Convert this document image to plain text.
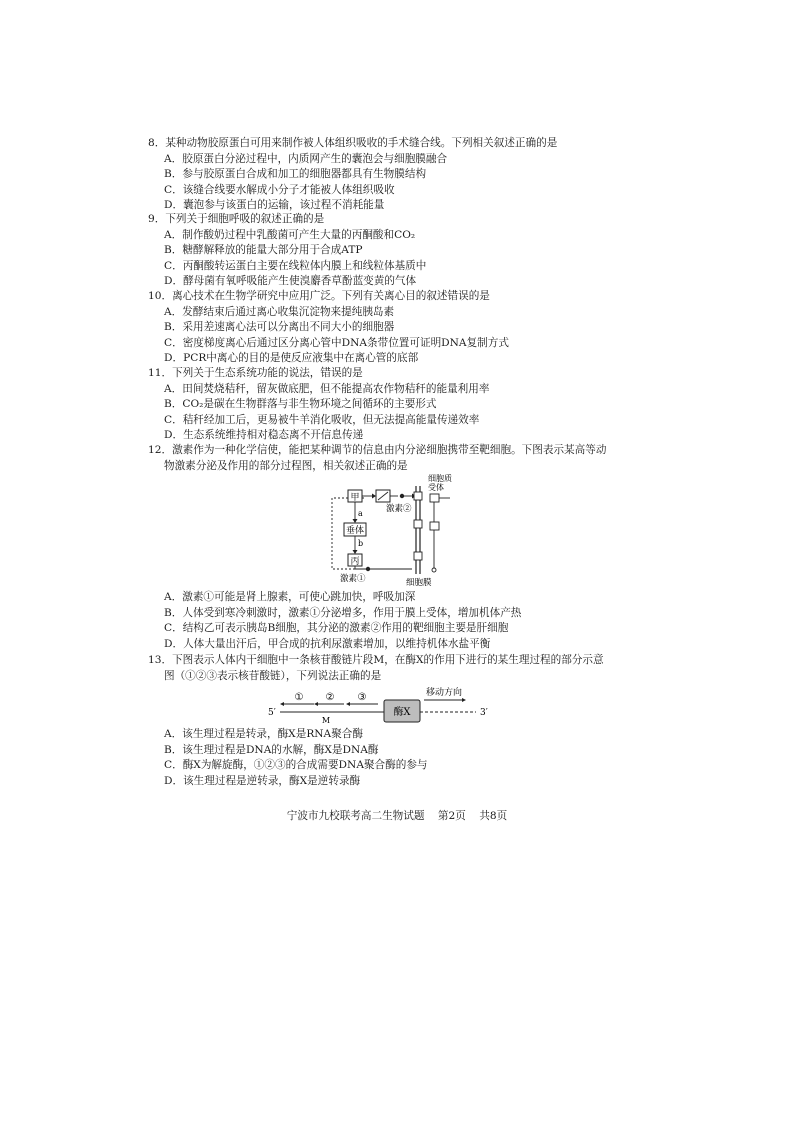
8．某种动物胶原蛋白可用来制作被人体组织吸收的手术缝合线。下列相关叙述正确的是
A．胶原蛋白分泌过程中，内质网产生的囊泡会与细胞膜融合
B．参与胶原蛋白合成和加工的细胞器都具有生物膜结构
C．该缝合线要水解成小分子才能被人体组织吸收
D．囊泡参与该蛋白的运输，该过程不消耗能量
9．下列关于细胞呼吸的叙述正确的是
A．制作酸奶过程中乳酸菌可产生大量的丙酮酸和CO₂
B．糖酵解释放的能量大部分用于合成ATP
C．丙酮酸转运蛋白主要在线粒体内膜上和线粒体基质中
D．酵母菌有氧呼吸能产生使溴麝香草酚蓝变黄的气体
10．离心技术在生物学研究中应用广泛。下列有关离心目的叙述错误的是
A．发酵结束后通过离心收集沉淀物来提纯胰岛素
B．采用差速离心法可以分离出不同大小的细胞器
C．密度梯度离心后通过区分离心管中DNA条带位置可证明DNA复制方式
D．PCR中离心的目的是使反应液集中在离心管的底部
11．下列关于生态系统功能的说法，错误的是
A．田间焚烧秸秆，留灰做底肥，但不能提高农作物秸秆的能量利用率
B．CO₂是碳在生物群落与非生物环境之间循环的主要形式
C．秸秆经加工后，更易被牛羊消化吸收，但无法提高能量传递效率
D．生态系统维持相对稳态离不开信息传递
12．激素作为一种化学信使，能把某种调节的信息由内分泌细胞携带至靶细胞。下图表示某高等动
物激素分泌及作用的部分过程图，相关叙述正确的是
甲
乙
激素②
a
垂体
b
丙
激素①
细胞质
受体
细胞膜
A．激素①可能是肾上腺素，可使心跳加快，呼吸加深
B．人体受到寒冷刺激时，激素①分泌增多，作用于膜上受体，增加机体产热
C．结构乙可表示胰岛B细胞，其分泌的激素②作用的靶细胞主要是肝细胞
D．人体大量出汗后，甲合成的抗利尿激素增加，以维持机体水盐平衡
13．下图表示人体内干细胞中一条核苷酸链片段M，在酶X的作用下进行的某生理过程的部分示意
图（①②③表示核苷酸链），下列说法正确的是
5′
M
① ② ③
酶X	3′
移动方向
A．该生理过程是转录，酶X是RNA聚合酶
B．该生理过程是DNA的水解，酶X是DNA酶
C．酶X为解旋酶，①②③的合成需要DNA聚合酶的参与
D．该生理过程是逆转录，酶X是逆转录酶
宁波市九校联考高二生物试题    第2页    共8页
